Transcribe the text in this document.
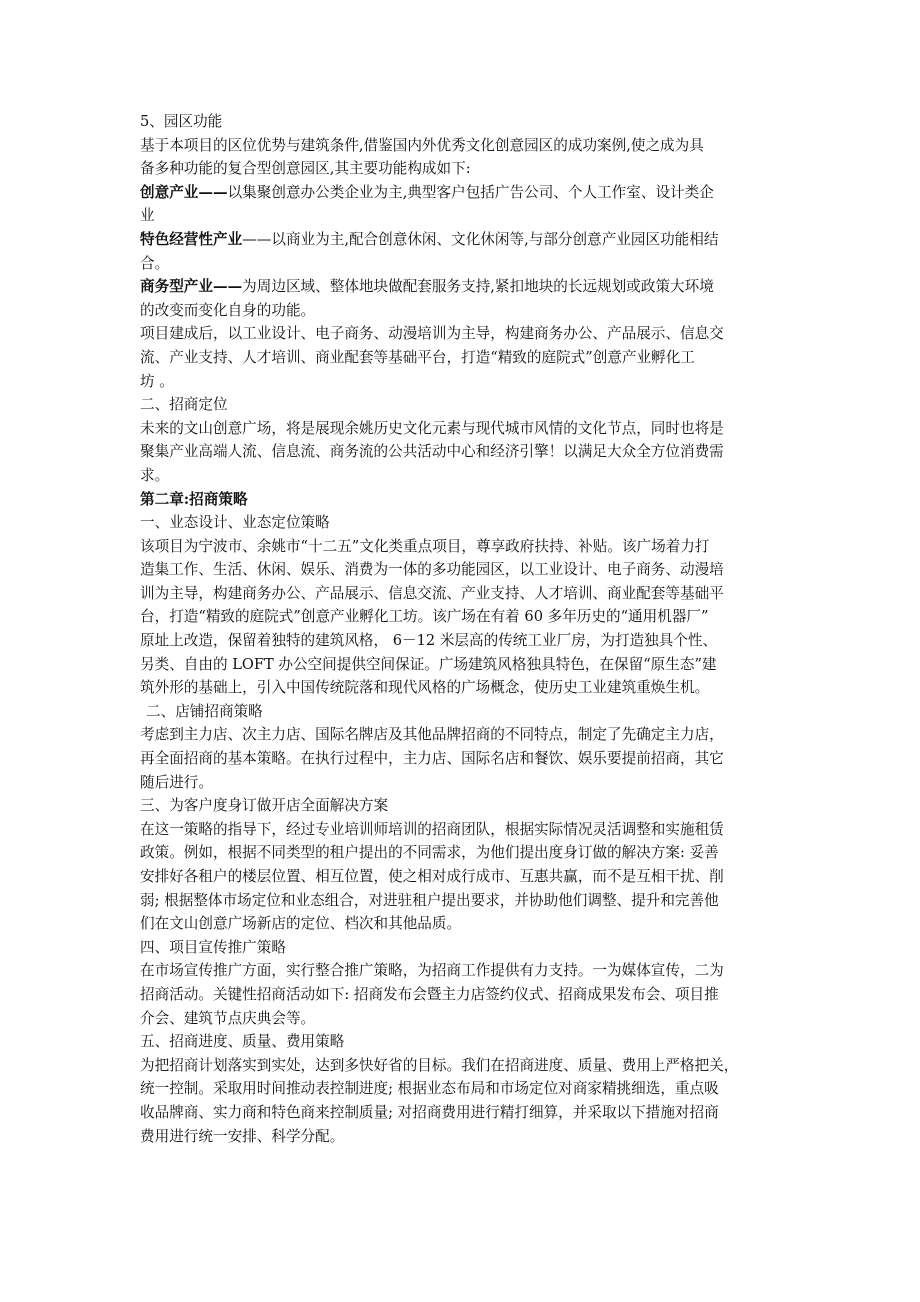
5、园区功能
基于本项目的区位优势与建筑条件,借鉴国内外优秀文化创意园区的成功案例,使之成为具
备多种功能的复合型创意园区,其主要功能构成如下:
创意产业——以集聚创意办公类企业为主,典型客户包括广告公司、个人工作室、设计类企
业
特色经营性产业——以商业为主,配合创意休闲、文化休闲等,与部分创意产业园区功能相结
合。
商务型产业——为周边区域、整体地块做配套服务支持,紧扣地块的长远规划或政策大环境
的改变而变化自身的功能。
项目建成后，以工业设计、电子商务、动漫培训为主导，构建商务办公、产品展示、信息交
流、产业支持、人才培训、商业配套等基础平台，打造“精致的庭院式”创意产业孵化工
坊 。
二、招商定位
未来的文山创意广场，将是展现余姚历史文化元素与现代城市风情的文化节点，同时也将是
聚集产业高端人流、信息流、商务流的公共活动中心和经济引擎！以满足大众全方位消费需
求。
第二章:招商策略
一、业态设计、业态定位策略
该项目为宁波市、余姚市“十二五”文化类重点项目，尊享政府扶持、补贴。该广场着力打
造集工作、生活、休闲、娱乐、消费为一体的多功能园区，以工业设计、电子商务、动漫培
训为主导，构建商务办公、产品展示、信息交流、产业支持、人才培训、商业配套等基础平
台，打造“精致的庭院式”创意产业孵化工坊。该广场在有着 60 多年历史的“通用机器厂”
原址上改造，保留着独特的建筑风格， 6－12 米层高的传统工业厂房，为打造独具个性、
另类、自由的 LOFT 办公空间提供空间保证。广场建筑风格独具特色，在保留“原生态”建
筑外形的基础上，引入中国传统院落和现代风格的广场概念，使历史工业建筑重焕生机。
二、店铺招商策略
考虑到主力店、次主力店、国际名牌店及其他品牌招商的不同特点，制定了先确定主力店，
再全面招商的基本策略。在执行过程中，主力店、国际名店和餐饮、娱乐要提前招商，其它
随后进行。
三、为客户度身订做开店全面解决方案
在这一策略的指导下，经过专业培训师培训的招商团队，根据实际情况灵活调整和实施租赁
政策。例如，根据不同类型的租户提出的不同需求，为他们提出度身订做的解决方案: 妥善
安排好各租户的楼层位置、相互位置，使之相对成行成市、互惠共赢，而不是互相干扰、削
弱; 根据整体市场定位和业态组合，对进驻租户提出要求，并协助他们调整、提升和完善他
们在文山创意广场新店的定位、档次和其他品质。
四、项目宣传推广策略
在市场宣传推广方面，实行整合推广策略，为招商工作提供有力支持。一为媒体宣传，二为
招商活动。关键性招商活动如下: 招商发布会暨主力店签约仪式、招商成果发布会、项目推
介会、建筑节点庆典会等。
五、招商进度、质量、费用策略
为把招商计划落实到实处，达到多快好省的目标。我们在招商进度、质量、费用上严格把关，
统一控制。采取用时间推动表控制进度; 根据业态布局和市场定位对商家精挑细选，重点吸
收品牌商、实力商和特色商来控制质量; 对招商费用进行精打细算，并采取以下措施对招商
费用进行统一安排、科学分配。
